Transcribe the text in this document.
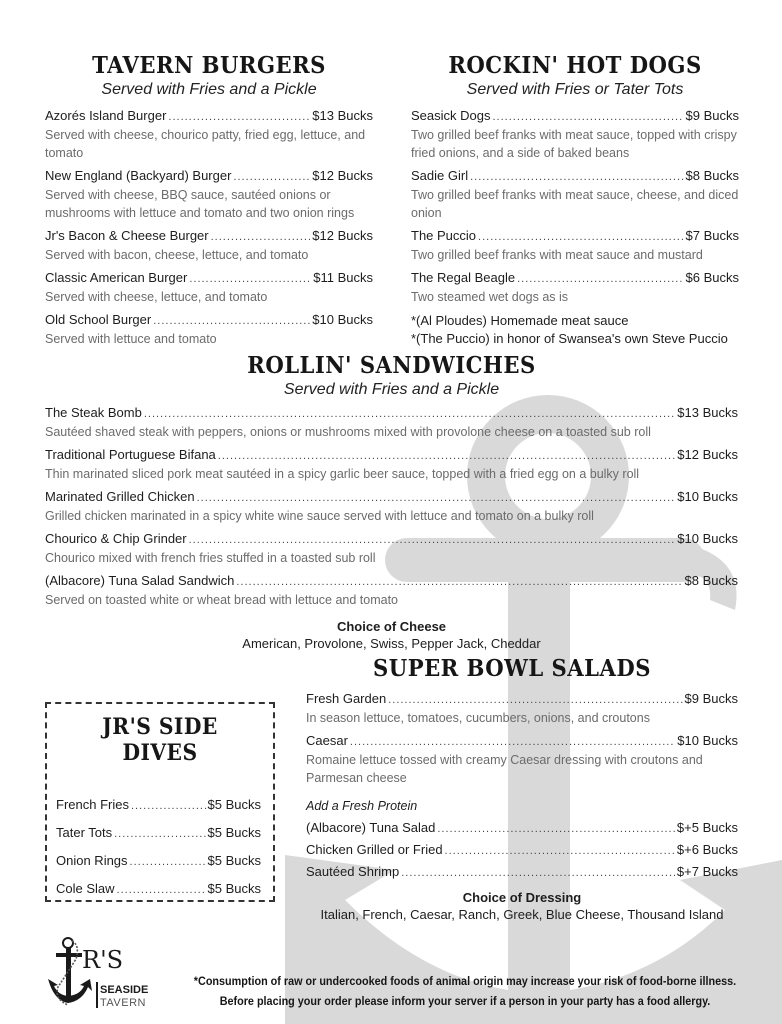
TAVERN BURGERS
Served with Fries and a Pickle
Azorés Island Burger .....	$13 Bucks
Served with cheese, chourico patty, fried egg, lettuce, and tomato
New England (Backyard) Burger .....	$12 Bucks
Served with cheese, BBQ sauce, sautéed onions or mushrooms with lettuce and tomato and two onion rings
Jr's Bacon & Cheese Burger .....	$12 Bucks
Served with bacon, cheese, lettuce, and tomato
Classic American Burger .....	$11 Bucks
Served with cheese, lettuce, and tomato
Old School Burger .....	$10 Bucks
Served with lettuce and tomato
ROCKIN' HOT DOGS
Served with Fries or Tater Tots
Seasick Dogs .....	$9 Bucks
Two grilled beef franks with meat sauce, topped with crispy fried onions, and a side of baked beans
Sadie Girl .....	$8 Bucks
Two grilled beef franks with meat sauce, cheese, and diced onion
The Puccio .....	$7 Bucks
Two grilled beef franks with meat sauce and mustard
The Regal Beagle .....	$6 Bucks
Two steamed wet dogs as is
*(Al Ploudes) Homemade meat sauce
*(The Puccio) in honor of Swansea's own Steve Puccio
ROLLIN' SANDWICHES
Served with Fries and a Pickle
The Steak Bomb .....	$13 Bucks
Sautéed shaved steak with peppers, onions or mushrooms mixed with provolone cheese on a toasted sub roll
Traditional Portuguese Bifana .....	$12 Bucks
Thin marinated sliced pork meat sautéed in a spicy garlic beer sauce, topped with a fried egg on a bulky roll
Marinated Grilled Chicken .....	$10 Bucks
Grilled chicken marinated in a spicy white wine sauce served with lettuce and tomato on a bulky roll
Chourico & Chip Grinder .....	$10 Bucks
Chourico mixed with french fries stuffed in a toasted sub roll
(Albacore) Tuna Salad Sandwich .....	$8 Bucks
Served on toasted white or wheat bread with lettuce and tomato
Choice of Cheese
American, Provolone, Swiss, Pepper Jack, Cheddar
JR'S SIDE DIVES
French Fries .....	$5 Bucks
Tater Tots .....	$5 Bucks
Onion Rings .....	$5 Bucks
Cole Slaw .....	$5 Bucks
SUPER BOWL SALADS
Fresh Garden .....	$9 Bucks
In season lettuce, tomatoes, cucumbers, onions, and croutons
Caesar .....	$10 Bucks
Romaine lettuce tossed with creamy Caesar dressing with croutons and Parmesan cheese
Add a Fresh Protein
(Albacore) Tuna Salad .....	$+5 Bucks
Chicken Grilled or Fried .....	$+6 Bucks
Sautéed Shrimp .....	$+7 Bucks
Choice of Dressing
Italian, French, Caesar, Ranch, Greek, Blue Cheese, Thousand Island
R'S
SEASIDE
TAVERN
*Consumption of raw or undercooked foods of animal origin may increase your risk of food-borne illness.
Before placing your order please inform your server if a person in your party has a food allergy.
